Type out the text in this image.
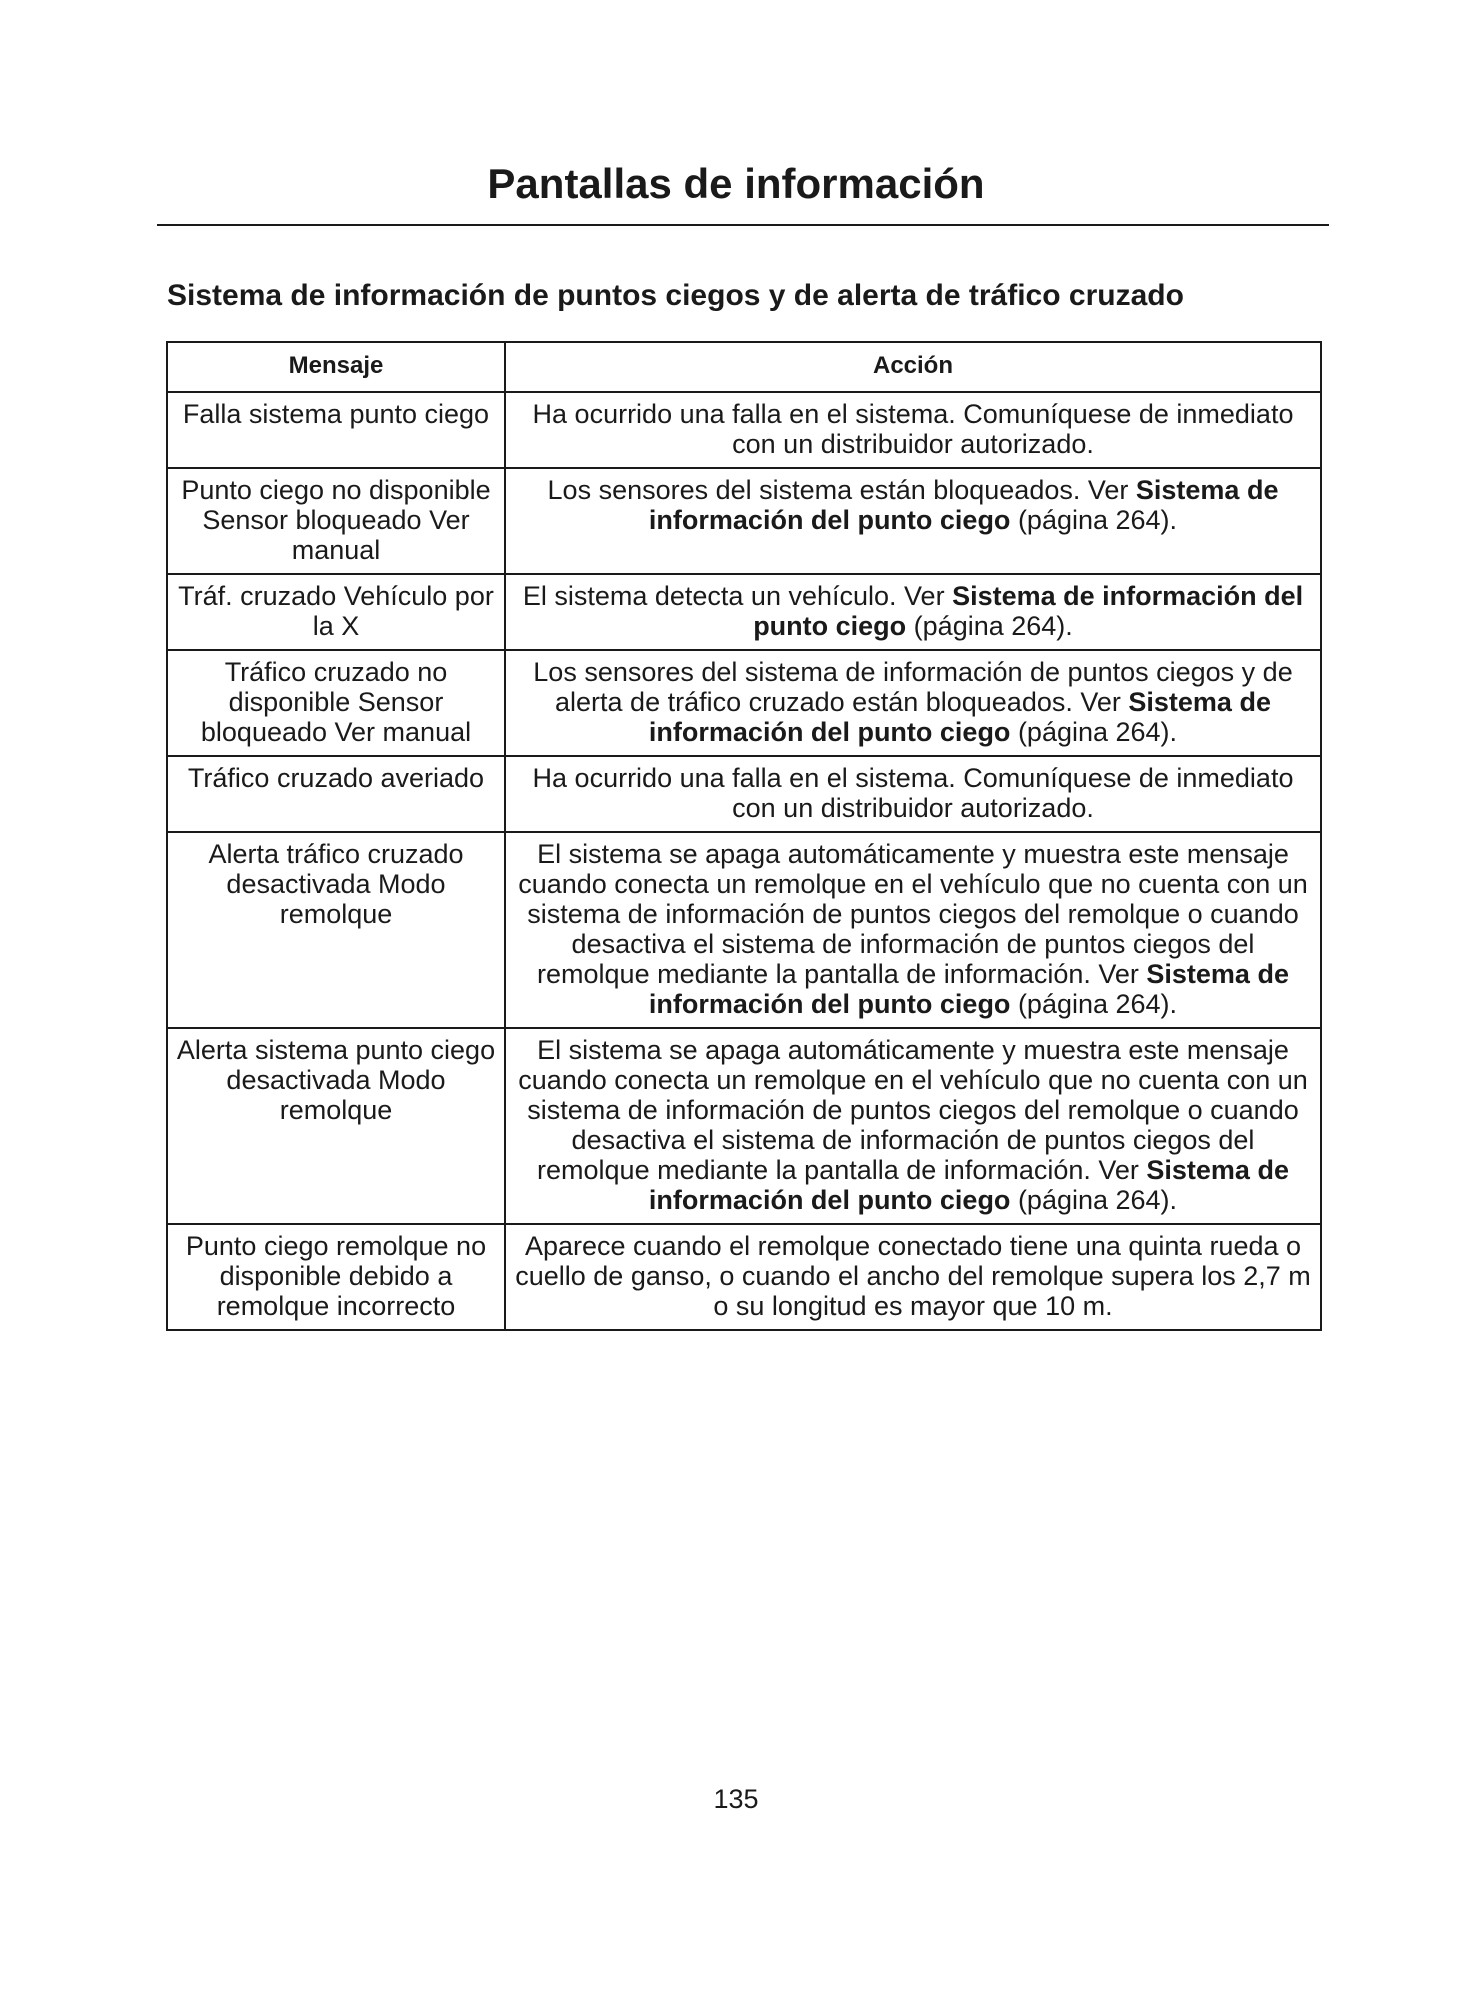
Pantallas de información
Sistema de información de puntos ciegos y de alerta de tráfico cruzado
Mensaje	Acción
Falla sistema punto ciego	Ha ocurrido una falla en el sistema. Comuníquese de inmediato con un distribuidor autorizado.
Punto ciego no disponible Sensor bloqueado Ver manual	Los sensores del sistema están bloqueados. Ver Sistema de información del punto ciego (página 264).
Tráf. cruzado Vehículo por la X	El sistema detecta un vehículo. Ver Sistema de información del punto ciego (página 264).
Tráfico cruzado no disponible Sensor bloqueado Ver manual	Los sensores del sistema de información de puntos ciegos y de alerta de tráfico cruzado están bloqueados. Ver Sistema de información del punto ciego (página 264).
Tráfico cruzado averiado	Ha ocurrido una falla en el sistema. Comuníquese de inmediato con un distribuidor autorizado.
Alerta tráfico cruzado desactivada Modo remolque	El sistema se apaga automáticamente y muestra este mensaje cuando conecta un remolque en el vehículo que no cuenta con un sistema de información de puntos ciegos del remolque o cuando desactiva el sistema de información de puntos ciegos del remolque mediante la pantalla de información. Ver Sistema de información del punto ciego (página 264).
Alerta sistema punto ciego desactivada Modo remolque	El sistema se apaga automáticamente y muestra este mensaje cuando conecta un remolque en el vehículo que no cuenta con un sistema de información de puntos ciegos del remolque o cuando desactiva el sistema de información de puntos ciegos del remolque mediante la pantalla de información. Ver Sistema de información del punto ciego (página 264).
Punto ciego remolque no disponible debido a remolque incorrecto	Aparece cuando el remolque conectado tiene una quinta rueda o cuello de ganso, o cuando el ancho del remolque supera los 2,7 m o su longitud es mayor que 10 m.
135
